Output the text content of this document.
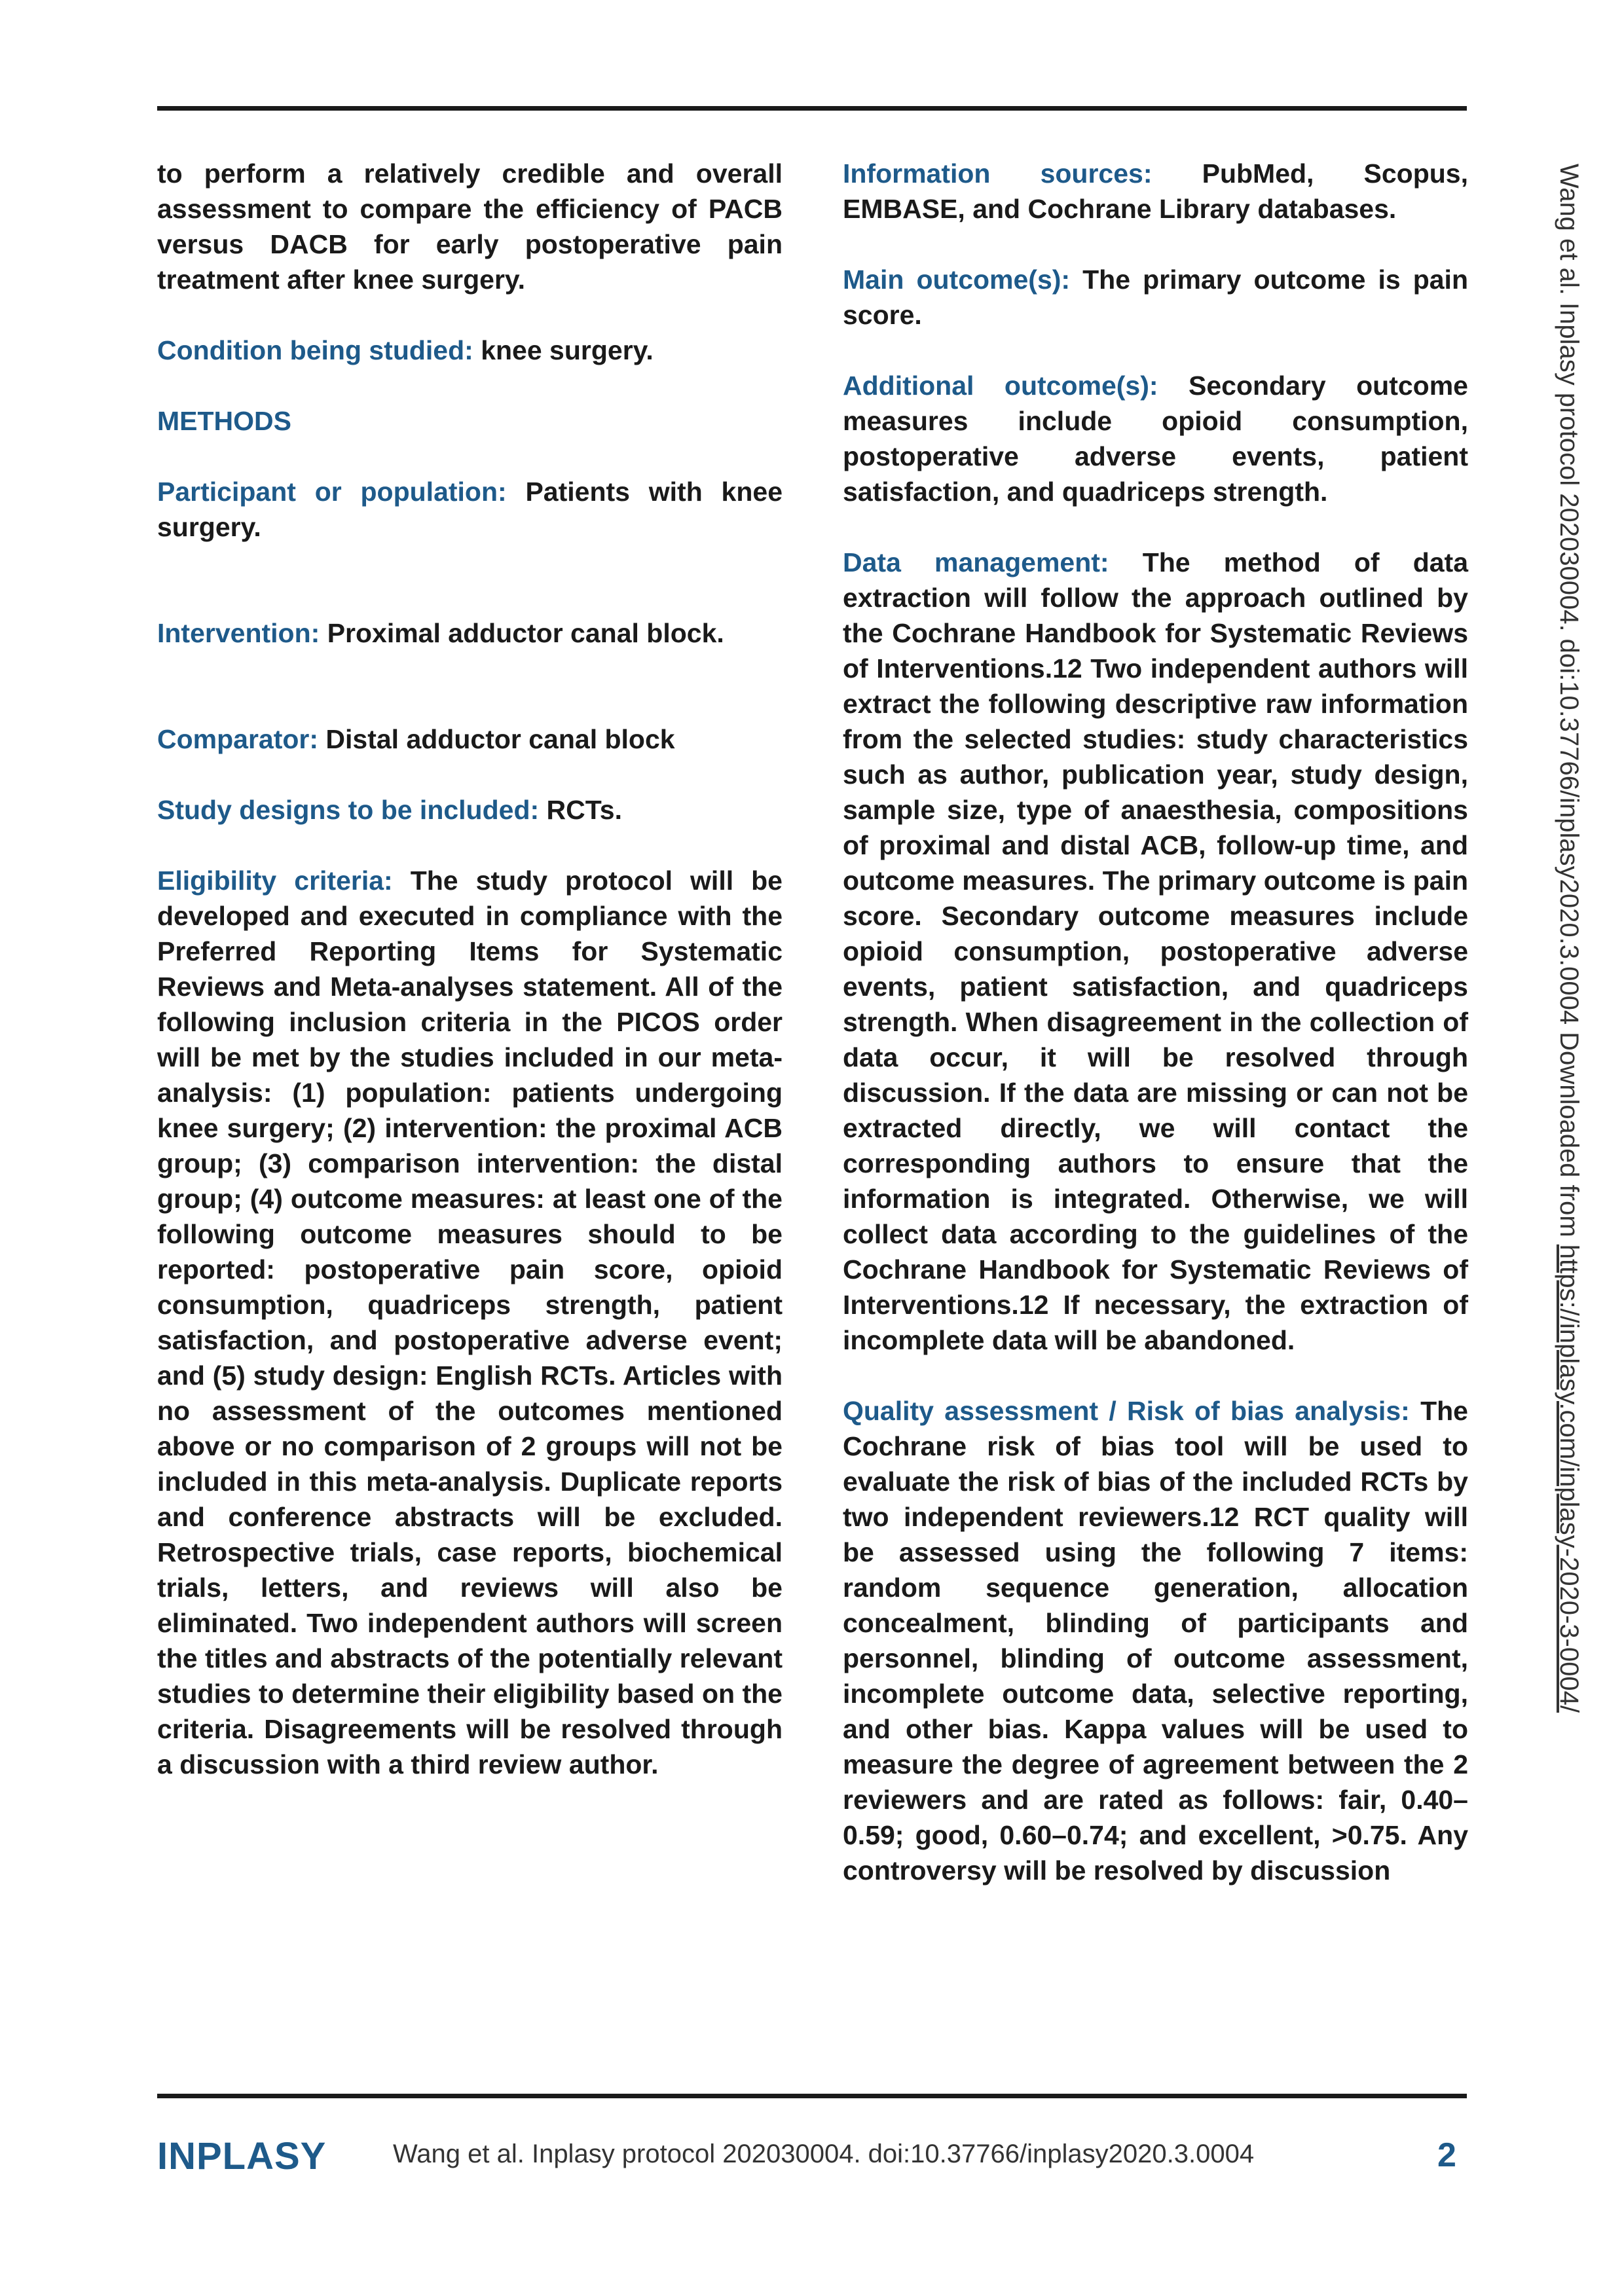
to perform a relatively credible and overall assessment to compare the efficiency of PACB versus DACB for early postoperative pain treatment after knee surgery.

Condition being studied: knee surgery.

METHODS

Participant or population: Patients with knee surgery.

Intervention: Proximal adductor canal block.

Comparator: Distal adductor canal block

Study designs to be included: RCTs.

Eligibility criteria: The study protocol will be developed and executed in compliance with the Preferred Reporting Items for Systematic Reviews and Meta-analyses statement. All of the following inclusion criteria in the PICOS order will be met by the studies included in our meta-analysis: (1) population: patients undergoing knee surgery; (2) intervention: the proximal ACB group; (3) comparison intervention: the distal group; (4) outcome measures: at least one of the following outcome measures should to be reported: postoperative pain score, opioid consumption, quadriceps strength, patient satisfaction, and postoperative adverse event; and (5) study design: English RCTs. Articles with no assessment of the outcomes mentioned above or no comparison of 2 groups will not be included in this meta-analysis. Duplicate reports and conference abstracts will be excluded. Retrospective trials, case reports, biochemical trials, letters, and reviews will also be eliminated. Two independent authors will screen the titles and abstracts of the potentially relevant studies to determine their eligibility based on the criteria. Disagreements will be resolved through a discussion with a third review author.

Information sources: PubMed, Scopus, EMBASE, and Cochrane Library databases.

Main outcome(s): The primary outcome is pain score.

Additional outcome(s): Secondary outcome measures include opioid consumption, postoperative adverse events, patient satisfaction, and quadriceps strength.

Data management: The method of data extraction will follow the approach outlined by the Cochrane Handbook for Systematic Reviews of Interventions.12 Two independent authors will extract the following descriptive raw information from the selected studies: study characteristics such as author, publication year, study design, sample size, type of anaesthesia, compositions of proximal and distal ACB, follow-up time, and outcome measures. The primary outcome is pain score. Secondary outcome measures include opioid consumption, postoperative adverse events, patient satisfaction, and quadriceps strength. When disagreement in the collection of data occur, it will be resolved through discussion. If the data are missing or can not be extracted directly, we will contact the corresponding authors to ensure that the information is integrated. Otherwise, we will collect data according to the guidelines of the Cochrane Handbook for Systematic Reviews of Interventions.12 If necessary, the extraction of incomplete data will be abandoned.

Quality assessment / Risk of bias analysis: The Cochrane risk of bias tool will be used to evaluate the risk of bias of the included RCTs by two independent reviewers.12 RCT quality will be assessed using the following 7 items: random sequence generation, allocation concealment, blinding of participants and personnel, blinding of outcome assessment, incomplete outcome data, selective reporting, and other bias. Kappa values will be used to measure the degree of agreement between the 2 reviewers and are rated as follows: fair, 0.40–0.59; good, 0.60–0.74; and excellent, >0.75. Any controversy will be resolved by discussion

Wang et al. Inplasy protocol 202030004. doi:10.37766/inplasy2020.3.0004 Downloaded from https://inplasy.com/inplasy-2020-3-0004/
INPLASY	Wang et al. Inplasy protocol 202030004. doi:10.37766/inplasy2020.3.0004	2
